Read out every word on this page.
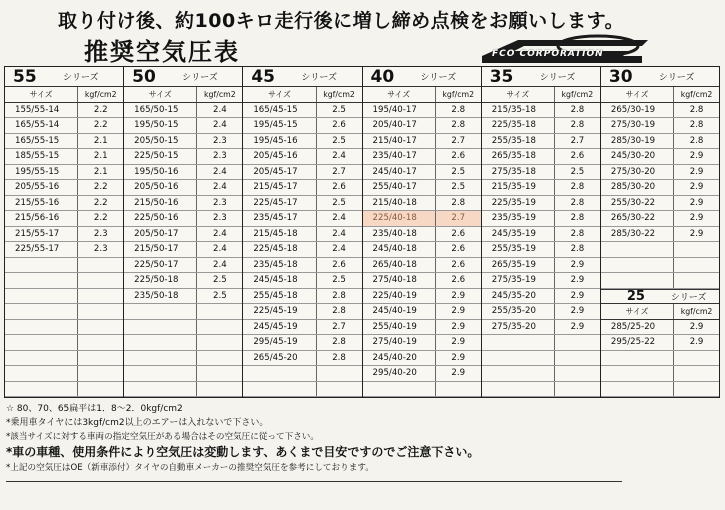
取り付け後、約100キロ走行後に増し締め点検をお願いします。
推奨空気圧表	FCO CORPORATION
55	シリーズ
サイズ	kgf/cm2
155/55-14	2.2
165/55-14	2.2
165/55-15	2.1
185/55-15	2.1
195/55-15	2.1
205/55-16	2.2
215/55-16	2.2
215/56-16	2.2
215/55-17	2.3
225/55-17	2.3
50	シリーズ
サイズ	kgf/cm2
165/50-15	2.4
195/50-15	2.4
205/50-15	2.3
225/50-15	2.3
195/50-16	2.4
205/50-16	2.4
215/50-16	2.3
225/50-16	2.3
205/50-17	2.4
215/50-17	2.4
225/50-17	2.4
225/50-18	2.5
235/50-18	2.5
45	シリーズ
サイズ	kgf/cm2
165/45-15	2.5
195/45-15	2.6
195/45-16	2.5
205/45-16	2.4
205/45-17	2.7
215/45-17	2.6
225/45-17	2.5
235/45-17	2.4
215/45-18	2.4
225/45-18	2.4
235/45-18	2.6
245/45-18	2.5
255/45-18	2.8
225/45-19	2.8
245/45-19	2.7
295/45-19	2.8
265/45-20	2.8
40	シリーズ
サイズ	kgf/cm2
195/40-17	2.8
205/40-17	2.8
215/40-17	2.7
235/40-17	2.6
245/40-17	2.5
255/40-17	2.5
215/40-18	2.8
225/40-18	2.7
235/40-18	2.6
245/40-18	2.6
265/40-18	2.6
275/40-18	2.6
225/40-19	2.9
245/40-19	2.9
255/40-19	2.9
275/40-19	2.9
245/40-20	2.9
295/40-20	2.9
35	シリーズ
サイズ	kgf/cm2
215/35-18	2.8
225/35-18	2.8
255/35-18	2.7
265/35-18	2.6
275/35-18	2.5
215/35-19	2.8
225/35-19	2.8
235/35-19	2.8
245/35-19	2.8
255/35-19	2.8
265/35-19	2.9
275/35-19	2.9
245/35-20	2.9
255/35-20	2.9
275/35-20	2.9
30	シリーズ
サイズ	kgf/cm2
265/30-19	2.8
275/30-19	2.8
285/30-19	2.8
245/30-20	2.9
275/30-20	2.9
285/30-20	2.9
255/30-22	2.9
265/30-22	2.9
285/30-22	2.9
25	シリーズ
サイズ	kgf/cm2
285/25-20	2.9
295/25-22	2.9
☆ 80、70、65扁平は1．8～2．0kgf/cm2
*乗用車タイヤには3kgf/cm2以上のエアーは入れないで下さい。
*該当サイズに対する車両の指定空気圧がある場合はその空気圧に従って下さい。
*車の車種、使用条件により空気圧は変動します、あくまで目安ですのでご注意下さい。
*上記の空気圧はOE（新車添付）タイヤの自動車メーカーの推奨空気圧を参考にしております。
